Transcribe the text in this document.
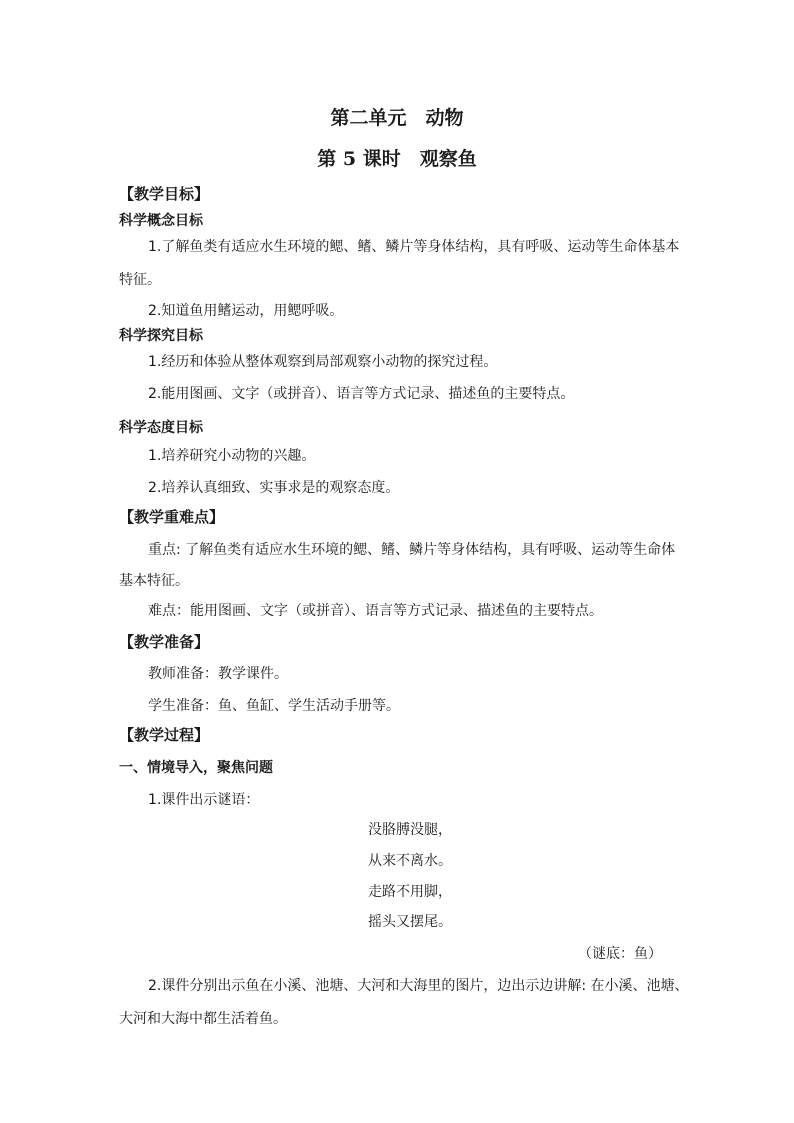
第二单元　动物
第 5 课时　观察鱼
【教学目标】
科学概念目标
1.了解鱼类有适应水生环境的鳃、鳍、鳞片等身体结构，具有呼吸、运动等生命体基本
特征。
2.知道鱼用鳍运动，用鳃呼吸。
科学探究目标
1.经历和体验从整体观察到局部观察小动物的探究过程。
2.能用图画、文字（或拼音）、语言等方式记录、描述鱼的主要特点。
科学态度目标
1.培养研究小动物的兴趣。
2.培养认真细致、实事求是的观察态度。
【教学重难点】
重点: 了解鱼类有适应水生环境的鳃、鳍、鳞片等身体结构，具有呼吸、运动等生命体
基本特征。
难点：能用图画、文字（或拼音）、语言等方式记录、描述鱼的主要特点。
【教学准备】
教师准备：教学课件。
学生准备：鱼、鱼缸、学生活动手册等。
【教学过程】
一、情境导入，聚焦问题
1.课件出示谜语：
没胳膊没腿，
从来不离水。
走路不用脚，
摇头又摆尾。
（谜底：鱼）
2.课件分别出示鱼在小溪、池塘、大河和大海里的图片，边出示边讲解: 在小溪、池塘、
大河和大海中都生活着鱼。
